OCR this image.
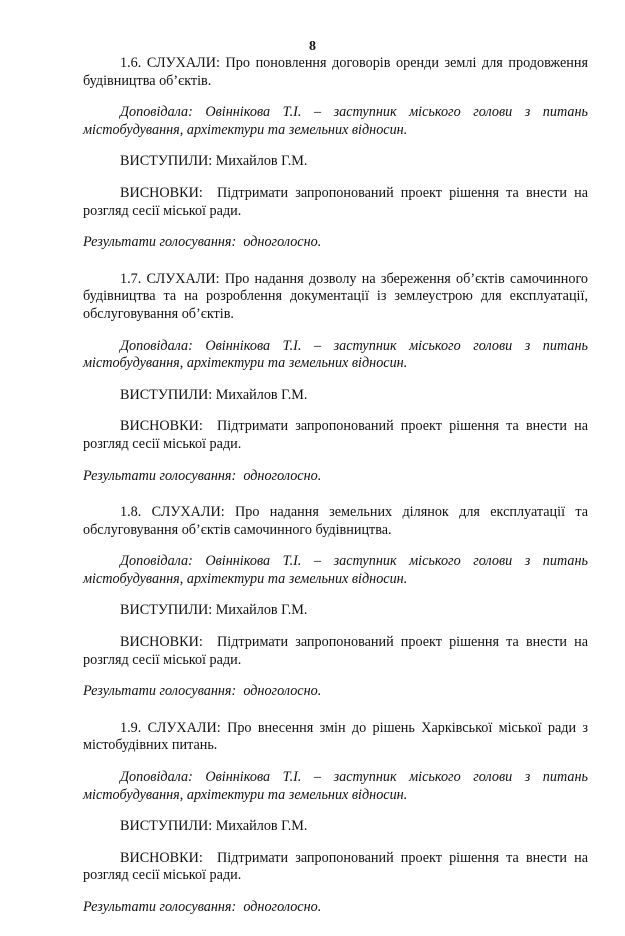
8

1.6. СЛУХАЛИ: Про поновлення договорів оренди землі для продовження будівництва об’єктів.

Доповідала: Овіннікова Т.І. – заступник міського голови з питань містобудування, архітектури та земельних відносин.

ВИСТУПИЛИ: Михайлов Г.М.

ВИСНОВКИ: Підтримати запропонований проект рішення та внести на розгляд сесії міської ради.

Результати голосування: одноголосно.

1.7. СЛУХАЛИ: Про надання дозволу на збереження об’єктів самочинного будівництва та на розроблення документації із землеустрою для експлуатації, обслуговування об’єктів.

Доповідала: Овіннікова Т.І. – заступник міського голови з питань містобудування, архітектури та земельних відносин.

ВИСТУПИЛИ: Михайлов Г.М.

ВИСНОВКИ: Підтримати запропонований проект рішення та внести на розгляд сесії міської ради.

Результати голосування: одноголосно.

1.8. СЛУХАЛИ: Про надання земельних ділянок для експлуатації та обслуговування об’єктів самочинного будівництва.

Доповідала: Овіннікова Т.І. – заступник міського голови з питань містобудування, архітектури та земельних відносин.

ВИСТУПИЛИ: Михайлов Г.М.

ВИСНОВКИ: Підтримати запропонований проект рішення та внести на розгляд сесії міської ради.

Результати голосування: одноголосно.

1.9. СЛУХАЛИ: Про внесення змін до рішень Харківської міської ради з містобудівних питань.

Доповідала: Овіннікова Т.І. – заступник міського голови з питань містобудування, архітектури та земельних відносин.

ВИСТУПИЛИ: Михайлов Г.М.

ВИСНОВКИ: Підтримати запропонований проект рішення та внести на розгляд сесії міської ради.

Результати голосування: одноголосно.
